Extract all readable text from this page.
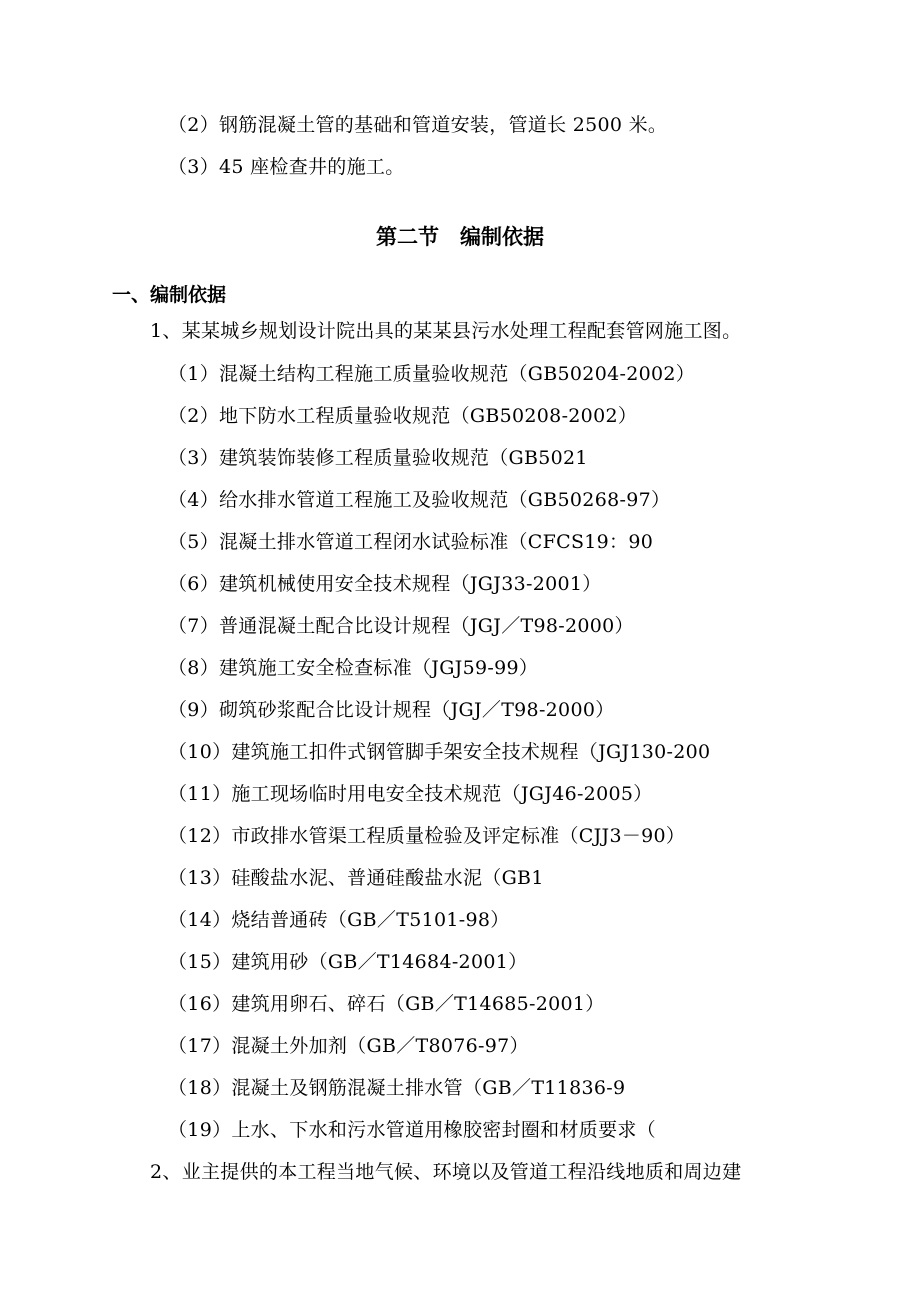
（2）钢筋混凝土管的基础和管道安装，管道长 2500 米。
（3）45 座检查井的施工。
第二节　编制依据
一、编制依据
1、某某城乡规划设计院出具的某某县污水处理工程配套管网施工图。
（1）混凝土结构工程施工质量验收规范（GB50204-2002）
（2）地下防水工程质量验收规范（GB50208-2002）
（3）建筑装饰装修工程质量验收规范（GB5021
（4）给水排水管道工程施工及验收规范（GB50268-97）
（5）混凝土排水管道工程闭水试验标准（CFCS19：90
（6）建筑机械使用安全技术规程（JGJ33-2001）
（7）普通混凝土配合比设计规程（JGJ／T98-2000）
（8）建筑施工安全检查标准（JGJ59-99）
（9）砌筑砂浆配合比设计规程（JGJ／T98-2000）
（10）建筑施工扣件式钢管脚手架安全技术规程（JGJ130-200
（11）施工现场临时用电安全技术规范（JGJ46-2005）
（12）市政排水管渠工程质量检验及评定标准（CJJ3－90）
（13）硅酸盐水泥、普通硅酸盐水泥（GB1
（14）烧结普通砖（GB／T5101-98）
（15）建筑用砂（GB／T14684-2001）
（16）建筑用卵石、碎石（GB／T14685-2001）
（17）混凝土外加剂（GB／T8076-97）
（18）混凝土及钢筋混凝土排水管（GB／T11836-9
（19）上水、下水和污水管道用橡胶密封圈和材质要求（
2、业主提供的本工程当地气候、环境以及管道工程沿线地质和周边建
